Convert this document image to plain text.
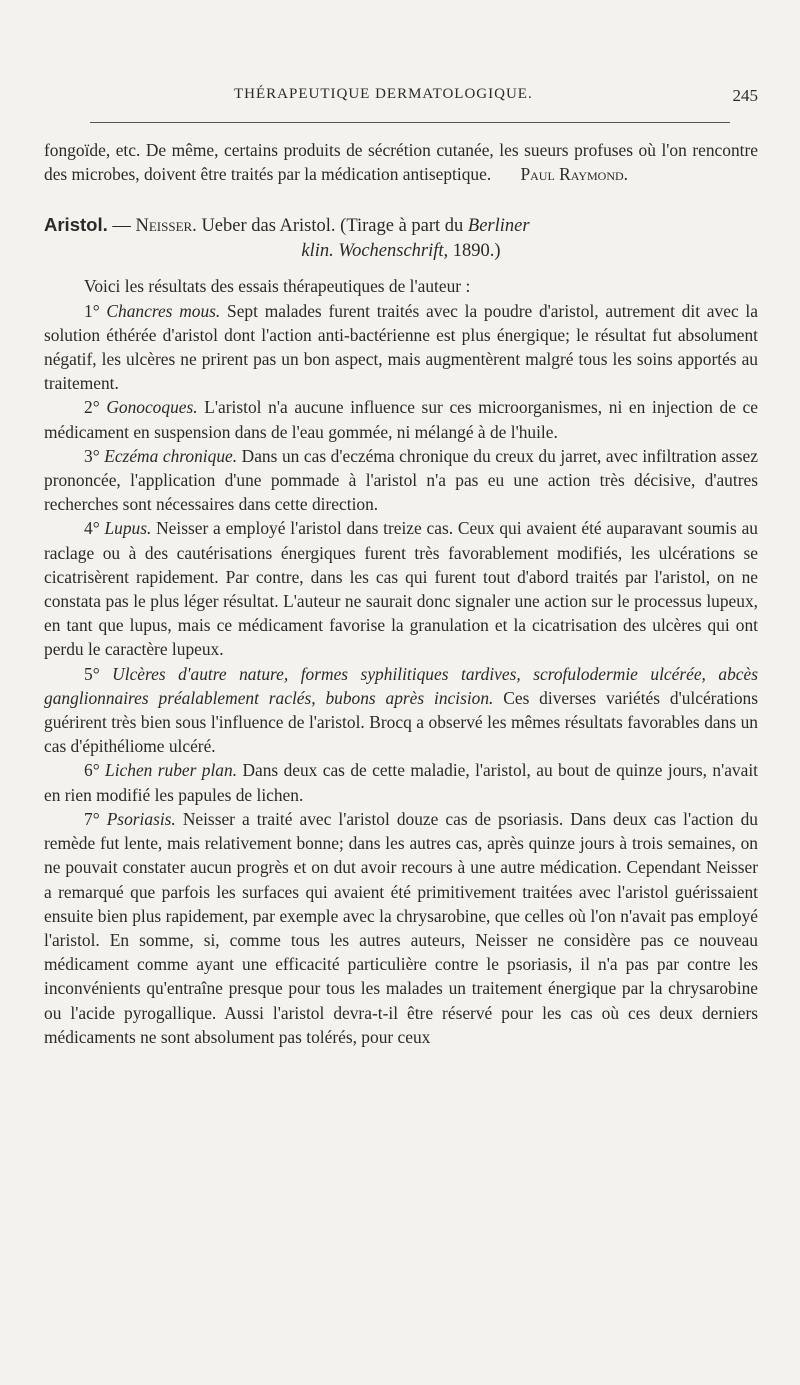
THÉRAPEUTIQUE DERMATOLOGIQUE.	245

fongoïde, etc. De même, certains produits de sécrétion cutanée, les sueurs profuses où l'on rencontre des microbes, doivent être traités par la médication antiseptique.	Paul Raymond.

Aristol. — Neisser. Ueber das Aristol. (Tirage à part du Berliner
klin. Wochenschrift, 1890.)

Voici les résultats des essais thérapeutiques de l'auteur :

1° Chancres mous. Sept malades furent traités avec la poudre d'aristol, autrement dit avec la solution éthérée d'aristol dont l'action anti-bactérienne est plus énergique; le résultat fut absolument négatif, les ulcères ne prirent pas un bon aspect, mais augmentèrent malgré tous les soins apportés au traitement.

2° Gonocoques. L'aristol n'a aucune influence sur ces microorganismes, ni en injection de ce médicament en suspension dans de l'eau gommée, ni mélangé à de l'huile.

3° Eczéma chronique. Dans un cas d'eczéma chronique du creux du jarret, avec infiltration assez prononcée, l'application d'une pommade à l'aristol n'a pas eu une action très décisive, d'autres recherches sont nécessaires dans cette direction.

4° Lupus. Neisser a employé l'aristol dans treize cas. Ceux qui avaient été auparavant soumis au raclage ou à des cautérisations énergiques furent très favorablement modifiés, les ulcérations se cicatrisèrent rapidement. Par contre, dans les cas qui furent tout d'abord traités par l'aristol, on ne constata pas le plus léger résultat. L'auteur ne saurait donc signaler une action sur le processus lupeux, en tant que lupus, mais ce médicament favorise la granulation et la cicatrisation des ulcères qui ont perdu le caractère lupeux.

5° Ulcères d'autre nature, formes syphilitiques tardives, scrofulodermie ulcérée, abcès ganglionnaires préalablement raclés, bubons après incision. Ces diverses variétés d'ulcérations guérirent très bien sous l'influence de l'aristol. Brocq a observé les mêmes résultats favorables dans un cas d'épithéliome ulcéré.

6° Lichen ruber plan. Dans deux cas de cette maladie, l'aristol, au bout de quinze jours, n'avait en rien modifié les papules de lichen.

7° Psoriasis. Neisser a traité avec l'aristol douze cas de psoriasis. Dans deux cas l'action du remède fut lente, mais relativement bonne; dans les autres cas, après quinze jours à trois semaines, on ne pouvait constater aucun progrès et on dut avoir recours à une autre médication. Cependant Neisser a remarqué que parfois les surfaces qui avaient été primitivement traitées avec l'aristol guérissaient ensuite bien plus rapidement, par exemple avec la chrysarobine, que celles où l'on n'avait pas employé l'aristol. En somme, si, comme tous les autres auteurs, Neisser ne considère pas ce nouveau médicament comme ayant une efficacité particulière contre le psoriasis, il n'a pas par contre les inconvénients qu'entraîne presque pour tous les malades un traitement énergique par la chrysarobine ou l'acide pyrogallique. Aussi l'aristol devra-t-il être réservé pour les cas où ces deux derniers médicaments ne sont absolument pas tolérés, pour ceux
